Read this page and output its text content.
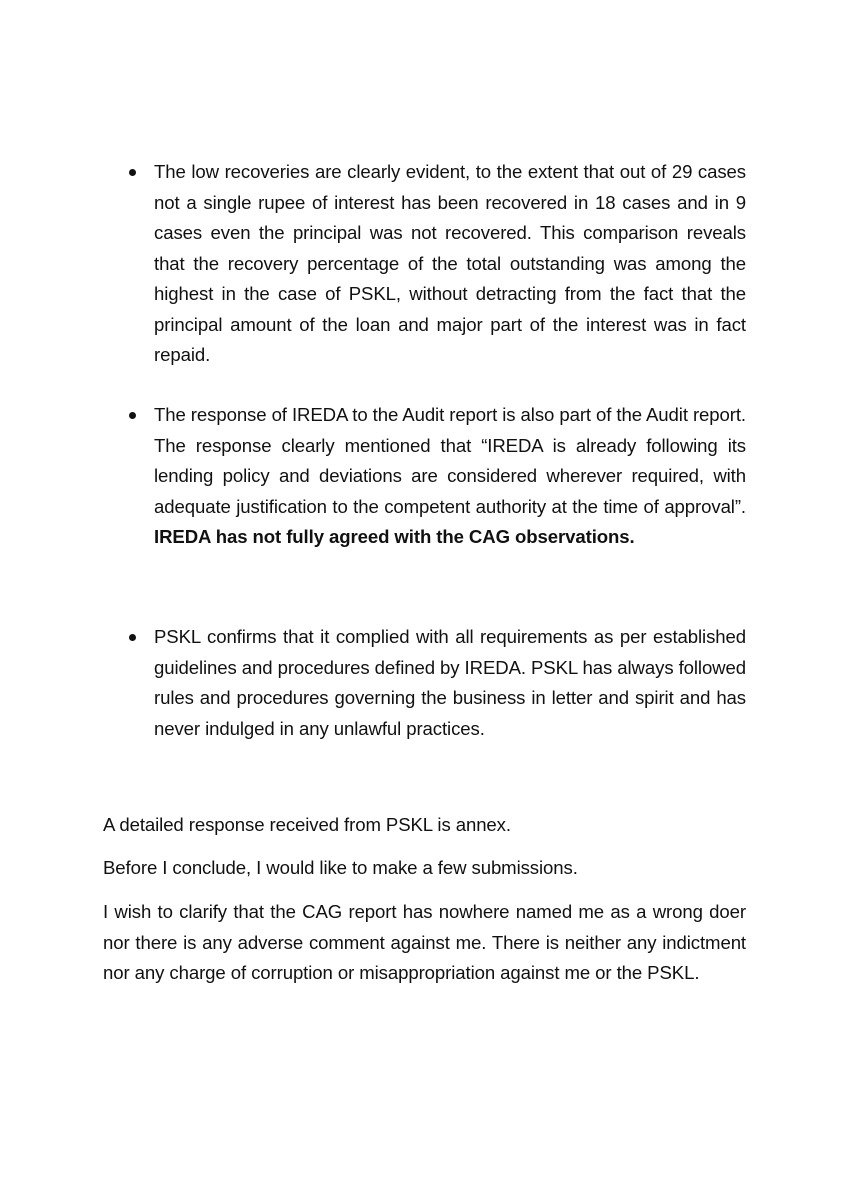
The low recoveries are clearly evident, to the extent that out of 29 cases not a single rupee of interest has been recovered in 18 cases and in 9 cases even the principal was not recovered. This comparison reveals that the recovery percentage of the total outstanding was among the highest in the case of PSKL, without detracting from the fact that the principal amount of the loan and major part of the interest was in fact repaid.
The response of IREDA to the Audit report is also part of the Audit report. The response clearly mentioned that “IREDA is already following its lending policy and deviations are considered wherever required, with adequate justification to the competent authority at the time of approval”. IREDA has not fully agreed with the CAG observations.
PSKL confirms that it complied with all requirements as per established guidelines and procedures defined by IREDA. PSKL has always followed rules and procedures governing the business in letter and spirit and has never indulged in any unlawful practices.
A detailed response received from PSKL is annex.
Before I conclude, I would like to make a few submissions.
I wish to clarify that the CAG report has nowhere named me as a wrong doer nor there is any adverse comment against me. There is neither any indictment nor any charge of corruption or misappropriation against me or the PSKL.
